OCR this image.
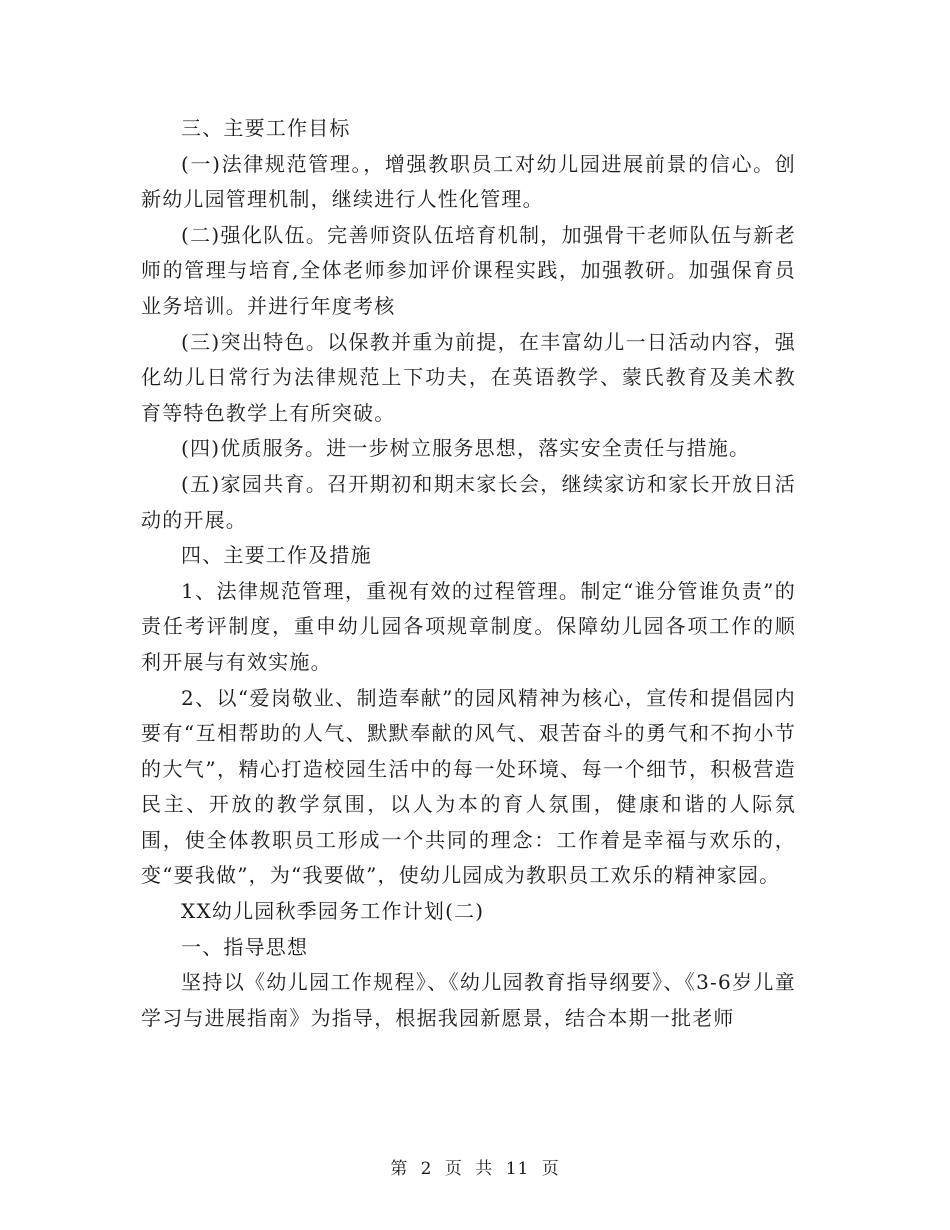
三、主要工作目标

(一)法律规范管理。，增强教职员工对幼儿园进展前景的信心。创新幼儿园管理机制，继续进行人性化管理。

(二)强化队伍。完善师资队伍培育机制，加强骨干老师队伍与新老师的管理与培育,全体老师参加评价课程实践，加强教研。加强保育员业务培训。并进行年度考核

(三)突出特色。以保教并重为前提，在丰富幼儿一日活动内容，强化幼儿日常行为法律规范上下功夫，在英语教学、蒙氏教育及美术教育等特色教学上有所突破。

(四)优质服务。进一步树立服务思想，落实安全责任与措施。

(五)家园共育。召开期初和期末家长会，继续家访和家长开放日活动的开展。

四、主要工作及措施

1、法律规范管理，重视有效的过程管理。制定“谁分管谁负责”的责任考评制度，重申幼儿园各项规章制度。保障幼儿园各项工作的顺利开展与有效实施。

2、以“爱岗敬业、制造奉献”的园风精神为核心，宣传和提倡园内要有“互相帮助的人气、默默奉献的风气、艰苦奋斗的勇气和不拘小节的大气”，精心打造校园生活中的每一处环境、每一个细节，积极营造民主、开放的教学氛围，以人为本的育人氛围，健康和谐的人际氛围，使全体教职员工形成一个共同的理念：工作着是幸福与欢乐的，变“要我做”，为“我要做”，使幼儿园成为教职员工欢乐的精神家园。

XX幼儿园秋季园务工作计划(二)

一、指导思想

坚持以《幼儿园工作规程》、《幼儿园教育指导纲要》、《3-6岁儿童学习与进展指南》为指导，根据我园新愿景，结合本期一批老师

第 2 页 共 11 页
